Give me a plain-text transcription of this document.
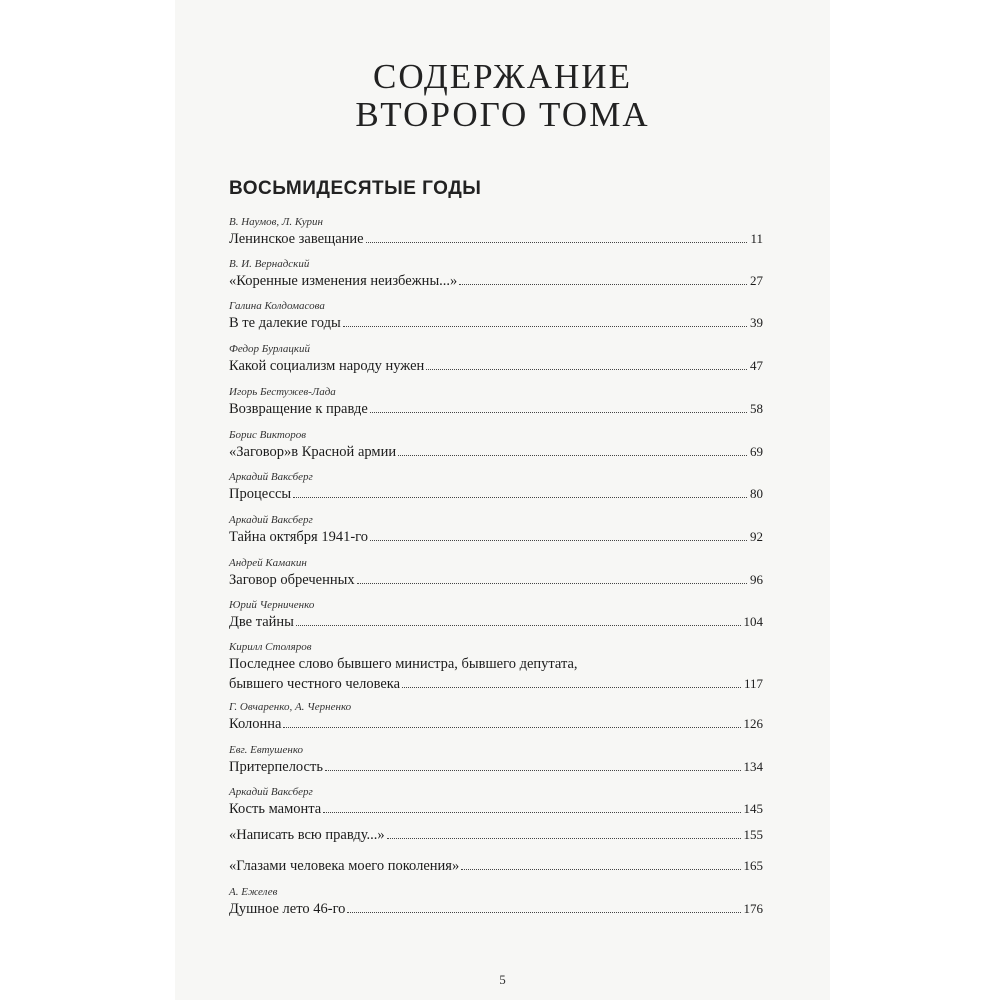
СОДЕРЖАНИЕ
ВТОРОГО ТОМА
ВОСЬМИДЕСЯТЫЕ ГОДЫ
В. Наумов, Л. Курин
Ленинское завещание	11
В. И. Вернадский
«Коренные изменения неизбежны...»	27
Галина Колдомасова
В те далекие годы	39
Федор Бурлацкий
Какой социализм народу нужен	47
Игорь Бестужев-Лада
Возвращение к правде	58
Борис Викторов
«Заговор»в Красной армии	69
Аркадий Ваксберг
Процессы	80
Аркадий Ваксберг
Тайна октября 1941-го	92
Андрей Камакин
Заговор обреченных	96
Юрий Черниченко
Две тайны	104
Кирилл Столяров
Последнее слово бывшего министра, бывшего депутата,
бывшего честного человека	117
Г. Овчаренко, А. Черненко
Колонна	126
Евг. Евтушенко
Притерпелость	134
Аркадий Ваксберг
Кость мамонта	145
«Написать всю правду...»	155
«Глазами человека моего поколения»	165
А. Ежелев
Душное лето 46-го	176
5
